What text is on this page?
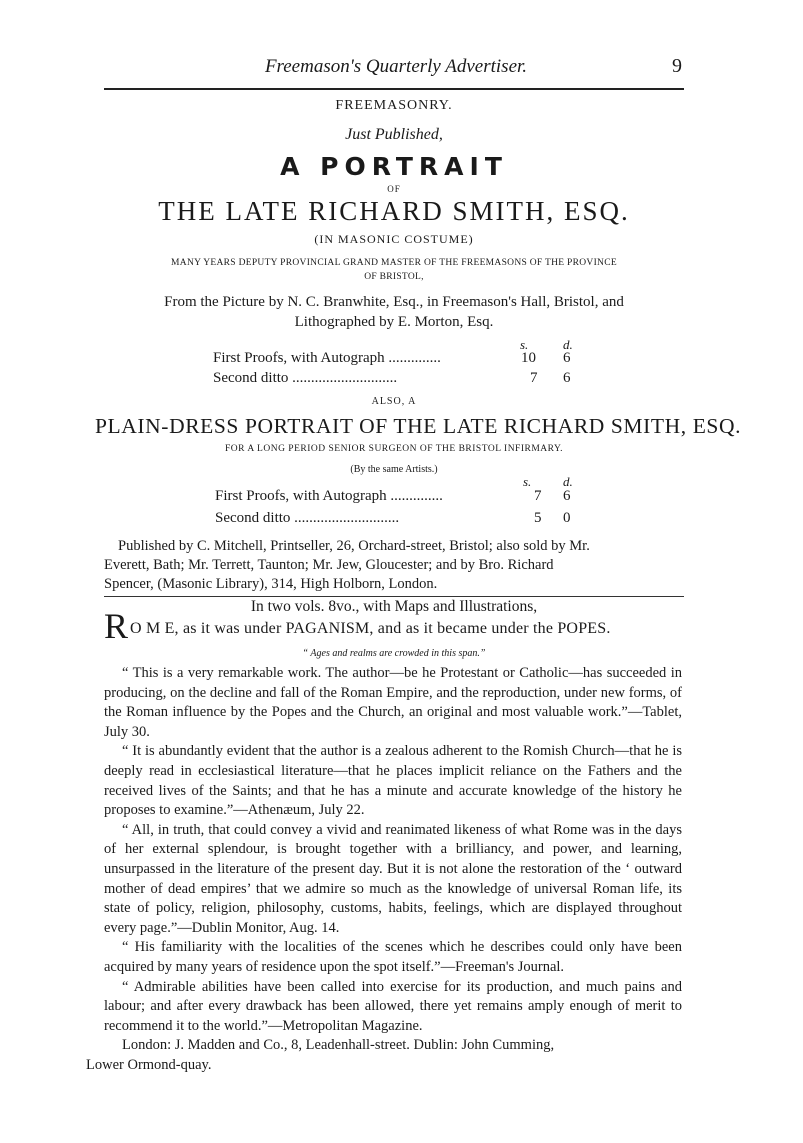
Freemason's Quarterly Advertiser.	9
FREEMASONRY.
Just Published,
A PORTRAIT
OF
THE LATE RICHARD SMITH, ESQ.
(IN MASONIC COSTUME)
MANY YEARS DEPUTY PROVINCIAL GRAND MASTER OF THE FREEMASONS OF THE PROVINCE
OF BRISTOL,
From the Picture by N. C. Branwhite, Esq., in Freemason's Hall, Bristol, and
Lithographed by E. Morton, Esq.
s.	d.
First Proofs, with Autograph ..............	10 6
Second ditto ............................	7 6
ALSO, A
PLAIN-DRESS PORTRAIT OF THE LATE RICHARD SMITH, ESQ.
FOR A LONG PERIOD SENIOR SURGEON OF THE BRISTOL INFIRMARY.
(By the same Artists.)
s. d.
First Proofs, with Autograph ..............	7 6
Second ditto ............................	5 0
Published by C. Mitchell, Printseller, 26, Orchard-street, Bristol; also sold by Mr.
Everett, Bath; Mr. Terrett, Taunton; Mr. Jew, Gloucester; and by Bro. Richard
Spencer, (Masonic Library), 314, High Holborn, London.
In two vols. 8vo., with Maps and Illustrations,
R O M E, as it was under PAGANISM, and as it became under the POPES.
“ Ages and realms are crowded in this span.”

“ This is a very remarkable work. The author—be he Protestant or Catholic—has succeeded in producing, on the decline and fall of the Roman Empire, and the reproduction, under new forms, of the Roman influence by the Popes and the Church, an original and most valuable work.”—Tablet, July 30.

“ It is abundantly evident that the author is a zealous adherent to the Romish Church—that he is deeply read in ecclesiastical literature—that he places implicit reliance on the Fathers and the received lives of the Saints; and that he has a minute and accurate knowledge of the history he proposes to examine.”—Athenæum, July 22.

“ All, in truth, that could convey a vivid and reanimated likeness of what Rome was in the days of her external splendour, is brought together with a brilliancy, and power, and learning, unsurpassed in the literature of the present day. But it is not alone the restoration of the ‘ outward mother of dead empires’ that we admire so much as the knowledge of universal Roman life, its state of policy, religion, philosophy, customs, habits, feelings, which are displayed throughout every page.”—Dublin Monitor, Aug. 14.

“ His familiarity with the localities of the scenes which he describes could only have been acquired by many years of residence upon the spot itself.”—Freeman's Journal.

“ Admirable abilities have been called into exercise for its production, and much pains and labour; and after every drawback has been allowed, there yet remains amply enough of merit to recommend it to the world.”—Metropolitan Magazine.

London: J. Madden and Co., 8, Leadenhall-street. Dublin: John Cumming,
Lower Ormond-quay.
